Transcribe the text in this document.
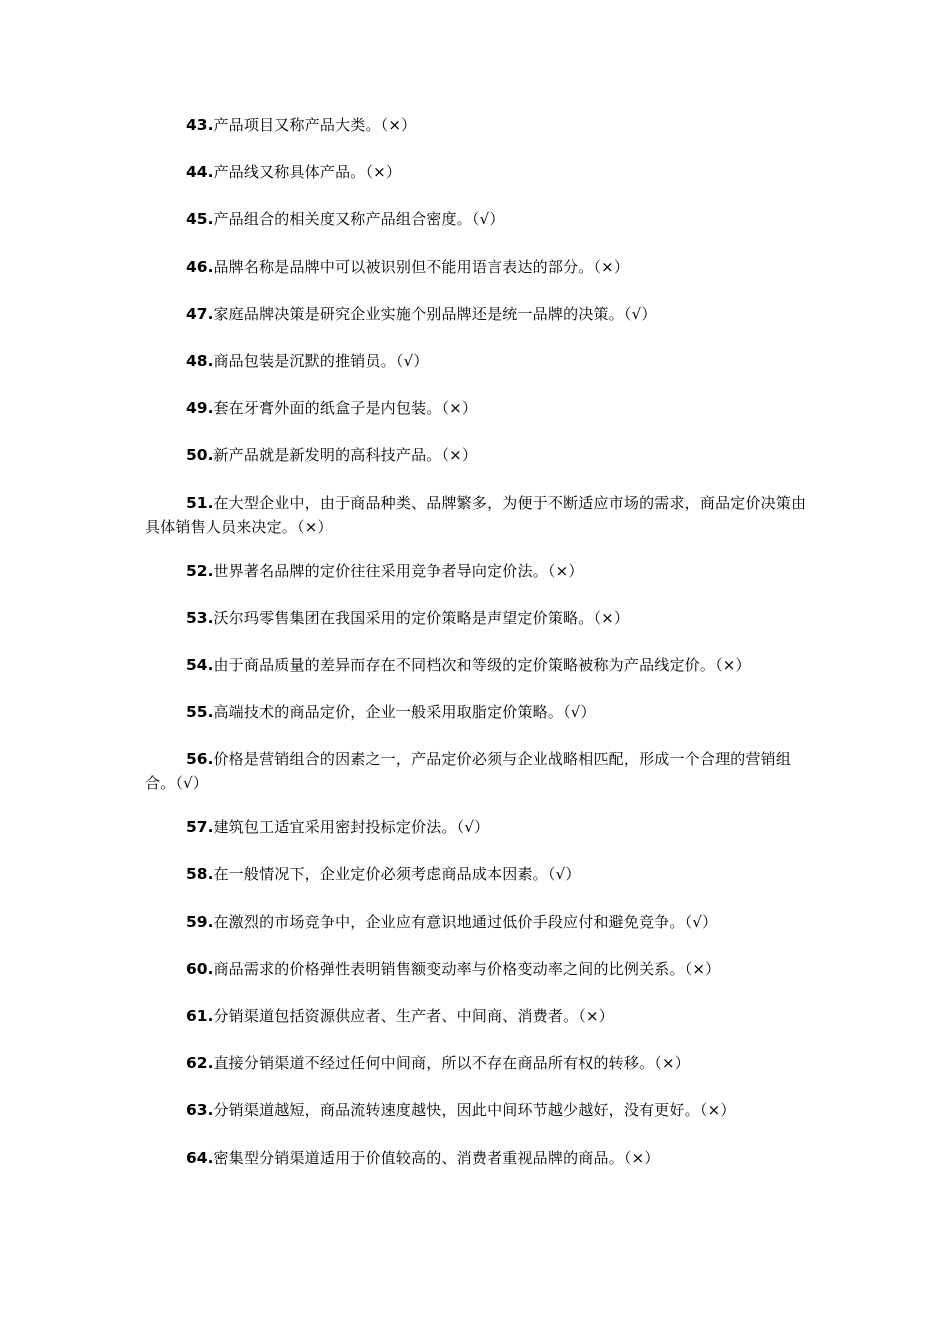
43.产品项目又称产品大类。（×）
44.产品线又称具体产品。（×）
45.产品组合的相关度又称产品组合密度。（√）
46.品牌名称是品牌中可以被识别但不能用语言表达的部分。（×）
47.家庭品牌决策是研究企业实施个别品牌还是统一品牌的决策。（√）
48.商品包装是沉默的推销员。（√）
49.套在牙膏外面的纸盒子是内包装。（×）
50.新产品就是新发明的高科技产品。（×）
51.在大型企业中，由于商品种类、品牌繁多，为便于不断适应市场的需求，商品定价决策由具体销售人员来决定。（×）
52.世界著名品牌的定价往往采用竞争者导向定价法。（×）
53.沃尔玛零售集团在我国采用的定价策略是声望定价策略。（×）
54.由于商品质量的差异而存在不同档次和等级的定价策略被称为产品线定价。（×）
55.高端技术的商品定价，企业一般采用取脂定价策略。（√）
56.价格是营销组合的因素之一，产品定价必须与企业战略相匹配，形成一个合理的营销组合。（√）
57.建筑包工适宜采用密封投标定价法。（√）
58.在一般情况下，企业定价必须考虑商品成本因素。（√）
59.在激烈的市场竞争中，企业应有意识地通过低价手段应付和避免竞争。（√）
60.商品需求的价格弹性表明销售额变动率与价格变动率之间的比例关系。（×）
61.分销渠道包括资源供应者、生产者、中间商、消费者。（×）
62.直接分销渠道不经过任何中间商，所以不存在商品所有权的转移。（×）
63.分销渠道越短，商品流转速度越快，因此中间环节越少越好，没有更好。（×）
64.密集型分销渠道适用于价值较高的、消费者重视品牌的商品。（×）
